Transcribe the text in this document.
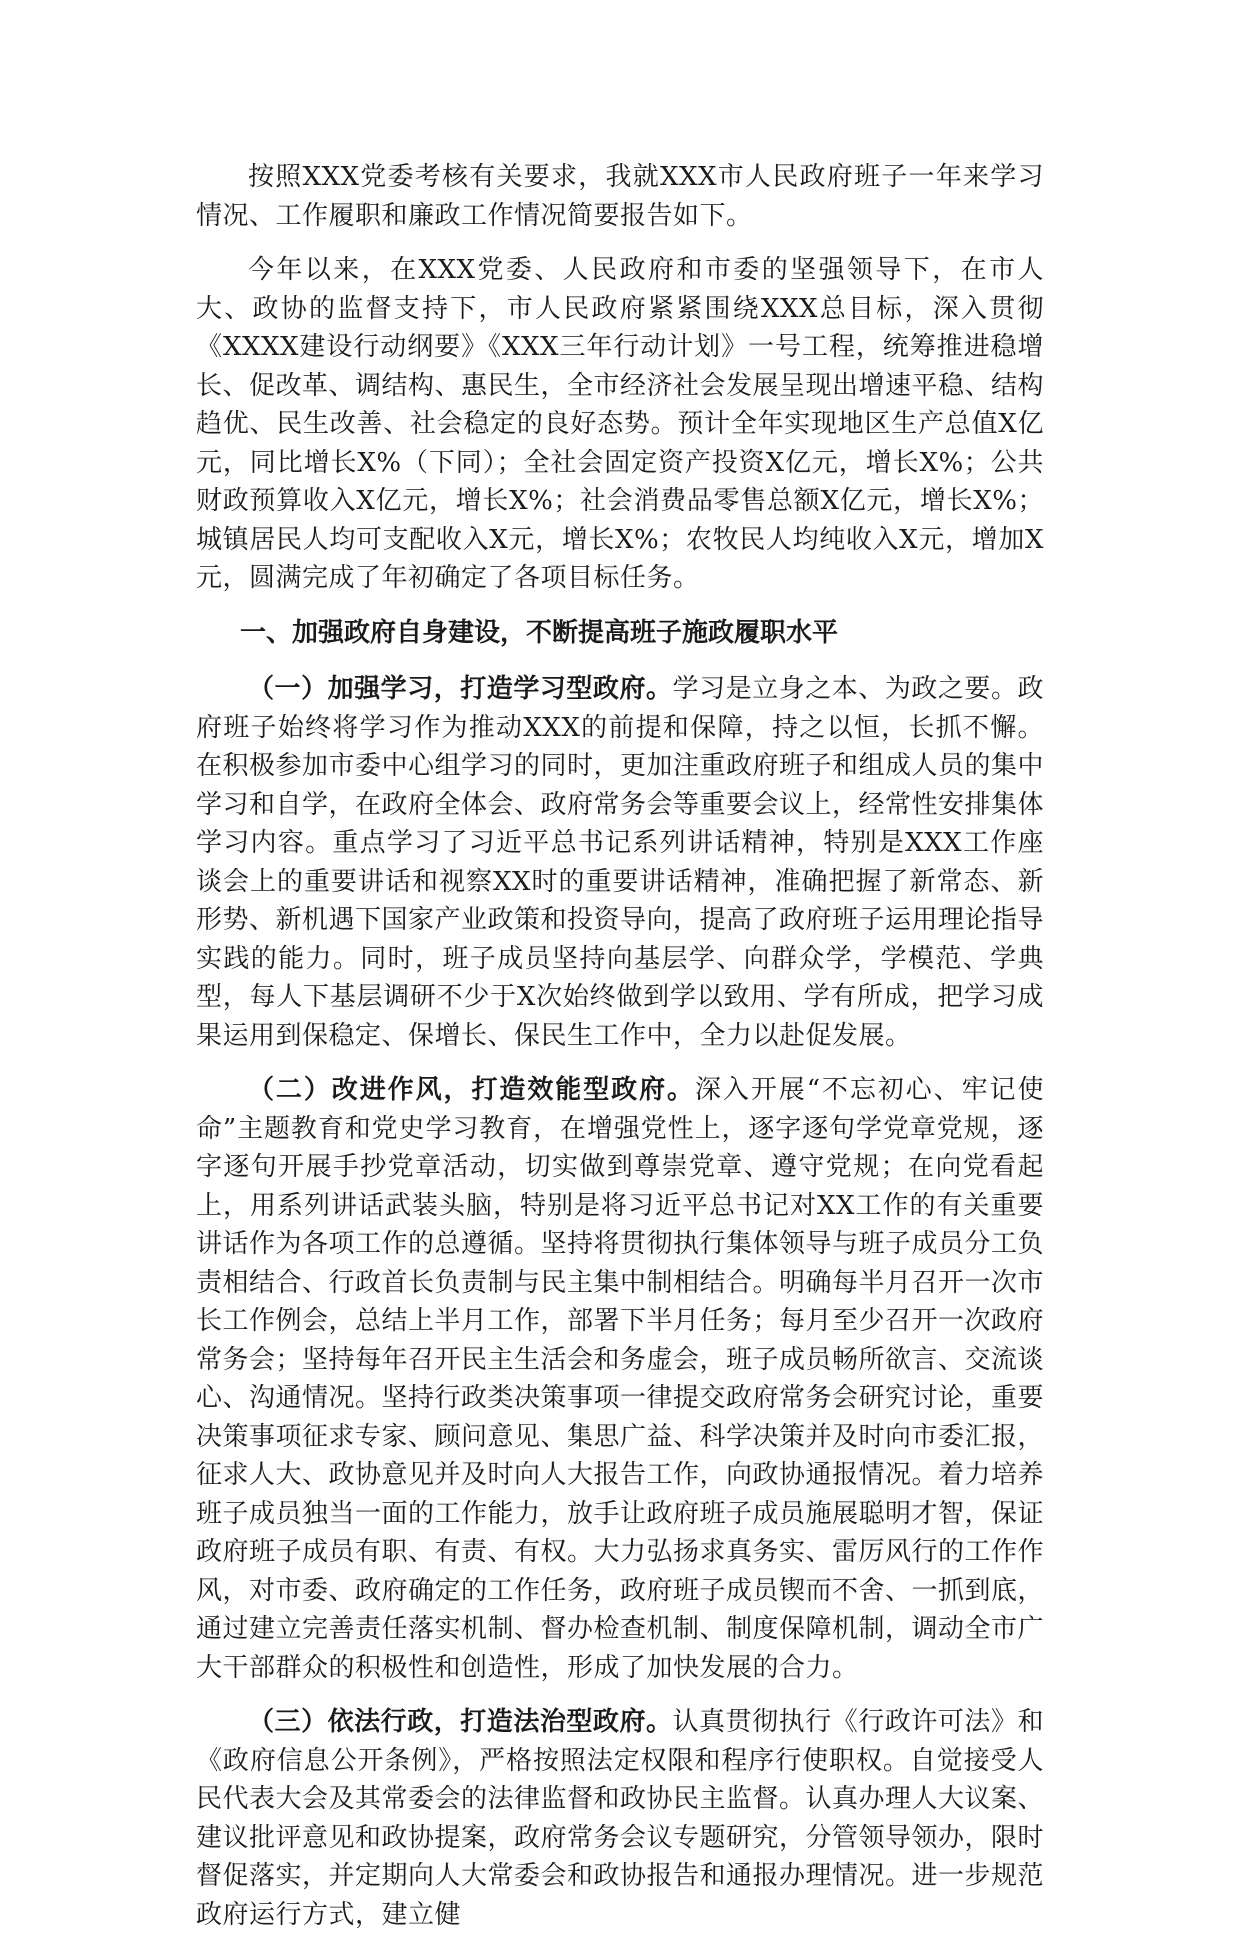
按照XXX党委考核有关要求，我就XXX市人民政府班子一年来学习情况、工作履职和廉政工作情况简要报告如下。

今年以来，在XXX党委、人民政府和市委的坚强领导下，在市人大、政协的监督支持下，市人民政府紧紧围绕XXX总目标，深入贯彻《XXXX建设行动纲要》《XXX三年行动计划》一号工程，统筹推进稳增长、促改革、调结构、惠民生，全市经济社会发展呈现出增速平稳、结构趋优、民生改善、社会稳定的良好态势。预计全年实现地区生产总值X亿元，同比增长X%（下同）；全社会固定资产投资X亿元，增长X%；公共财政预算收入X亿元，增长X%；社会消费品零售总额X亿元，增长X%；城镇居民人均可支配收入X元，增长X%；农牧民人均纯收入X元，增加X元，圆满完成了年初确定了各项目标任务。

一、加强政府自身建设，不断提高班子施政履职水平

（一）加强学习，打造学习型政府。学习是立身之本、为政之要。政府班子始终将学习作为推动XXX的前提和保障，持之以恒，长抓不懈。在积极参加市委中心组学习的同时，更加注重政府班子和组成人员的集中学习和自学，在政府全体会、政府常务会等重要会议上，经常性安排集体学习内容。重点学习了习近平总书记系列讲话精神，特别是XXX工作座谈会上的重要讲话和视察XX时的重要讲话精神，准确把握了新常态、新形势、新机遇下国家产业政策和投资导向，提高了政府班子运用理论指导实践的能力。同时，班子成员坚持向基层学、向群众学，学模范、学典型，每人下基层调研不少于X次始终做到学以致用、学有所成，把学习成果运用到保稳定、保增长、保民生工作中，全力以赴促发展。

（二）改进作风，打造效能型政府。深入开展“不忘初心、牢记使命”主题教育和党史学习教育，在增强党性上，逐字逐句学党章党规，逐字逐句开展手抄党章活动，切实做到尊崇党章、遵守党规；在向党看起上，用系列讲话武装头脑，特别是将习近平总书记对XX工作的有关重要讲话作为各项工作的总遵循。坚持将贯彻执行集体领导与班子成员分工负责相结合、行政首长负责制与民主集中制相结合。明确每半月召开一次市长工作例会，总结上半月工作，部署下半月任务；每月至少召开一次政府常务会；坚持每年召开民主生活会和务虚会，班子成员畅所欲言、交流谈心、沟通情况。坚持行政类决策事项一律提交政府常务会研究讨论，重要决策事项征求专家、顾问意见、集思广益、科学决策并及时向市委汇报，征求人大、政协意见并及时向人大报告工作，向政协通报情况。着力培养班子成员独当一面的工作能力，放手让政府班子成员施展聪明才智，保证政府班子成员有职、有责、有权。大力弘扬求真务实、雷厉风行的工作作风，对市委、政府确定的工作任务，政府班子成员锲而不舍、一抓到底，通过建立完善责任落实机制、督办检查机制、制度保障机制，调动全市广大干部群众的积极性和创造性，形成了加快发展的合力。

（三）依法行政，打造法治型政府。认真贯彻执行《行政许可法》和《政府信息公开条例》，严格按照法定权限和程序行使职权。自觉接受人民代表大会及其常委会的法律监督和政协民主监督。认真办理人大议案、建议批评意见和政协提案，政府常务会议专题研究，分管领导领办，限时督促落实，并定期向人大常委会和政协报告和通报办理情况。进一步规范政府运行方式，建立健
